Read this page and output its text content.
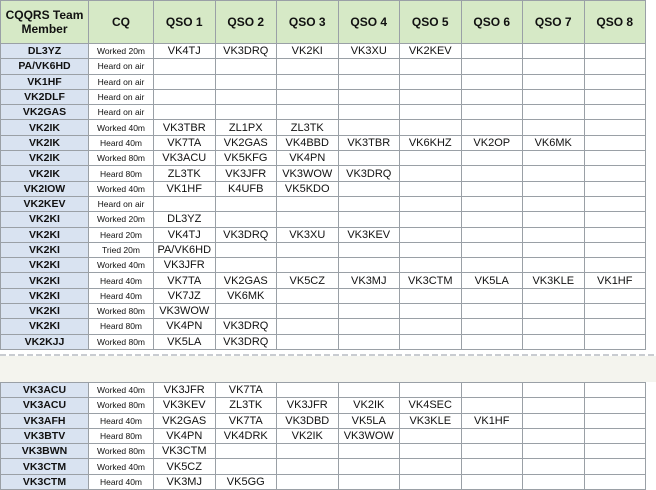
CQQRS Team Member	CQ	QSO 1	QSO 2	QSO 3	QSO 4	QSO 5	QSO 6	QSO 7	QSO 8
DL3YZ	Worked 20m	VK4TJ	VK3DRQ	VK2KI	VK3XU	VK2KEV			
PA/VK6HD	Heard on air								
VK1HF	Heard on air								
VK2DLF	Heard on air								
VK2GAS	Heard on air								
VK2IK	Worked 40m	VK3TBR	ZL1PX	ZL3TK					
VK2IK	Heard 40m	VK7TA	VK2GAS	VK4BBD	VK3TBR	VK6KHZ	VK2OP	VK6MK	
VK2IK	Worked 80m	VK3ACU	VK5KFG	VK4PN					
VK2IK	Heard 80m	ZL3TK	VK3JFR	VK3WOW	VK3DRQ				
VK2IOW	Worked 40m	VK1HF	K4UFB	VK5KDO					
VK2KEV	Heard on air								
VK2KI	Worked 20m	DL3YZ							
VK2KI	Heard 20m	VK4TJ	VK3DRQ	VK3XU	VK3KEV				
VK2KI	Tried 20m	PA/VK6HD							
VK2KI	Worked 40m	VK3JFR							
VK2KI	Heard 40m	VK7TA	VK2GAS	VK5CZ	VK3MJ	VK3CTM	VK5LA	VK3KLE	VK1HF
VK2KI	Heard 40m	VK7JZ	VK6MK						
VK2KI	Worked 80m	VK3WOW							
VK2KI	Heard 80m	VK4PN	VK3DRQ						
VK2KJJ	Worked 80m	VK5LA	VK3DRQ						
VK3ACU	Worked 40m	VK3JFR	VK7TA						
VK3ACU	Worked 80m	VK3KEV	ZL3TK	VK3JFR	VK2IK	VK4SEC			
VK3AFH	Heard 40m	VK2GAS	VK7TA	VK3DBD	VK5LA	VK3KLE	VK1HF		
VK3BTV	Heard 80m	VK4PN	VK4DRK	VK2IK	VK3WOW				
VK3BWN	Worked 80m	VK3CTM							
VK3CTM	Worked 40m	VK5CZ							
VK3CTM	Heard 40m	VK3MJ	VK5GG						
